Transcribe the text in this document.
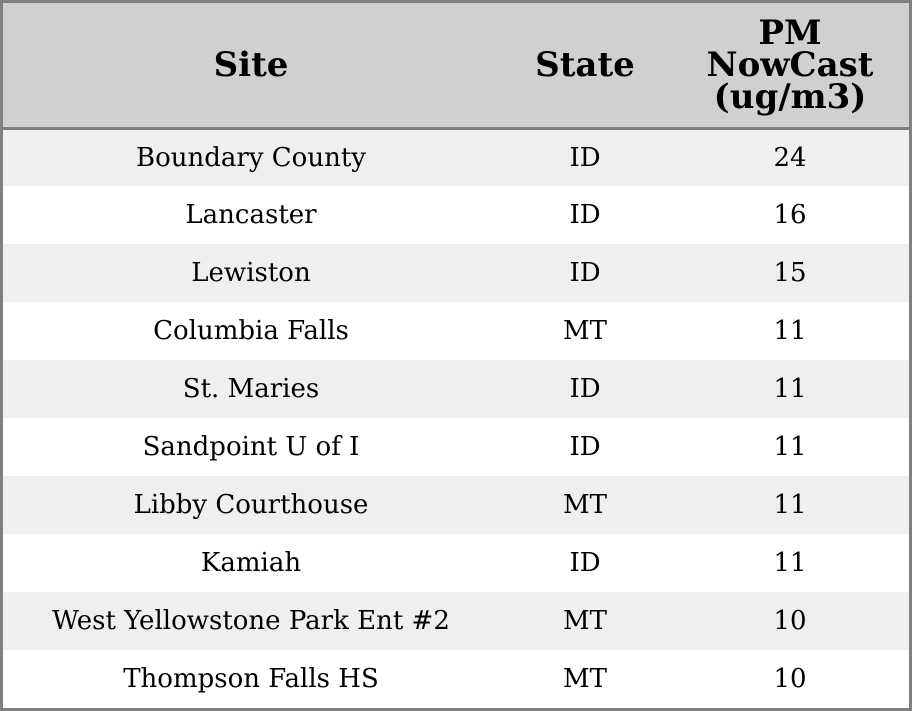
Site	State	PM
NowCast
(ug/m3)

Boundary County	ID	24
Lancaster	ID	16
Lewiston	ID	15
Columbia Falls	MT	11
St. Maries	ID	11
Sandpoint U of I	ID	11
Libby Courthouse	MT	11
Kamiah	ID	11
West Yellowstone Park Ent #2	MT	10
Thompson Falls HS	MT	10
